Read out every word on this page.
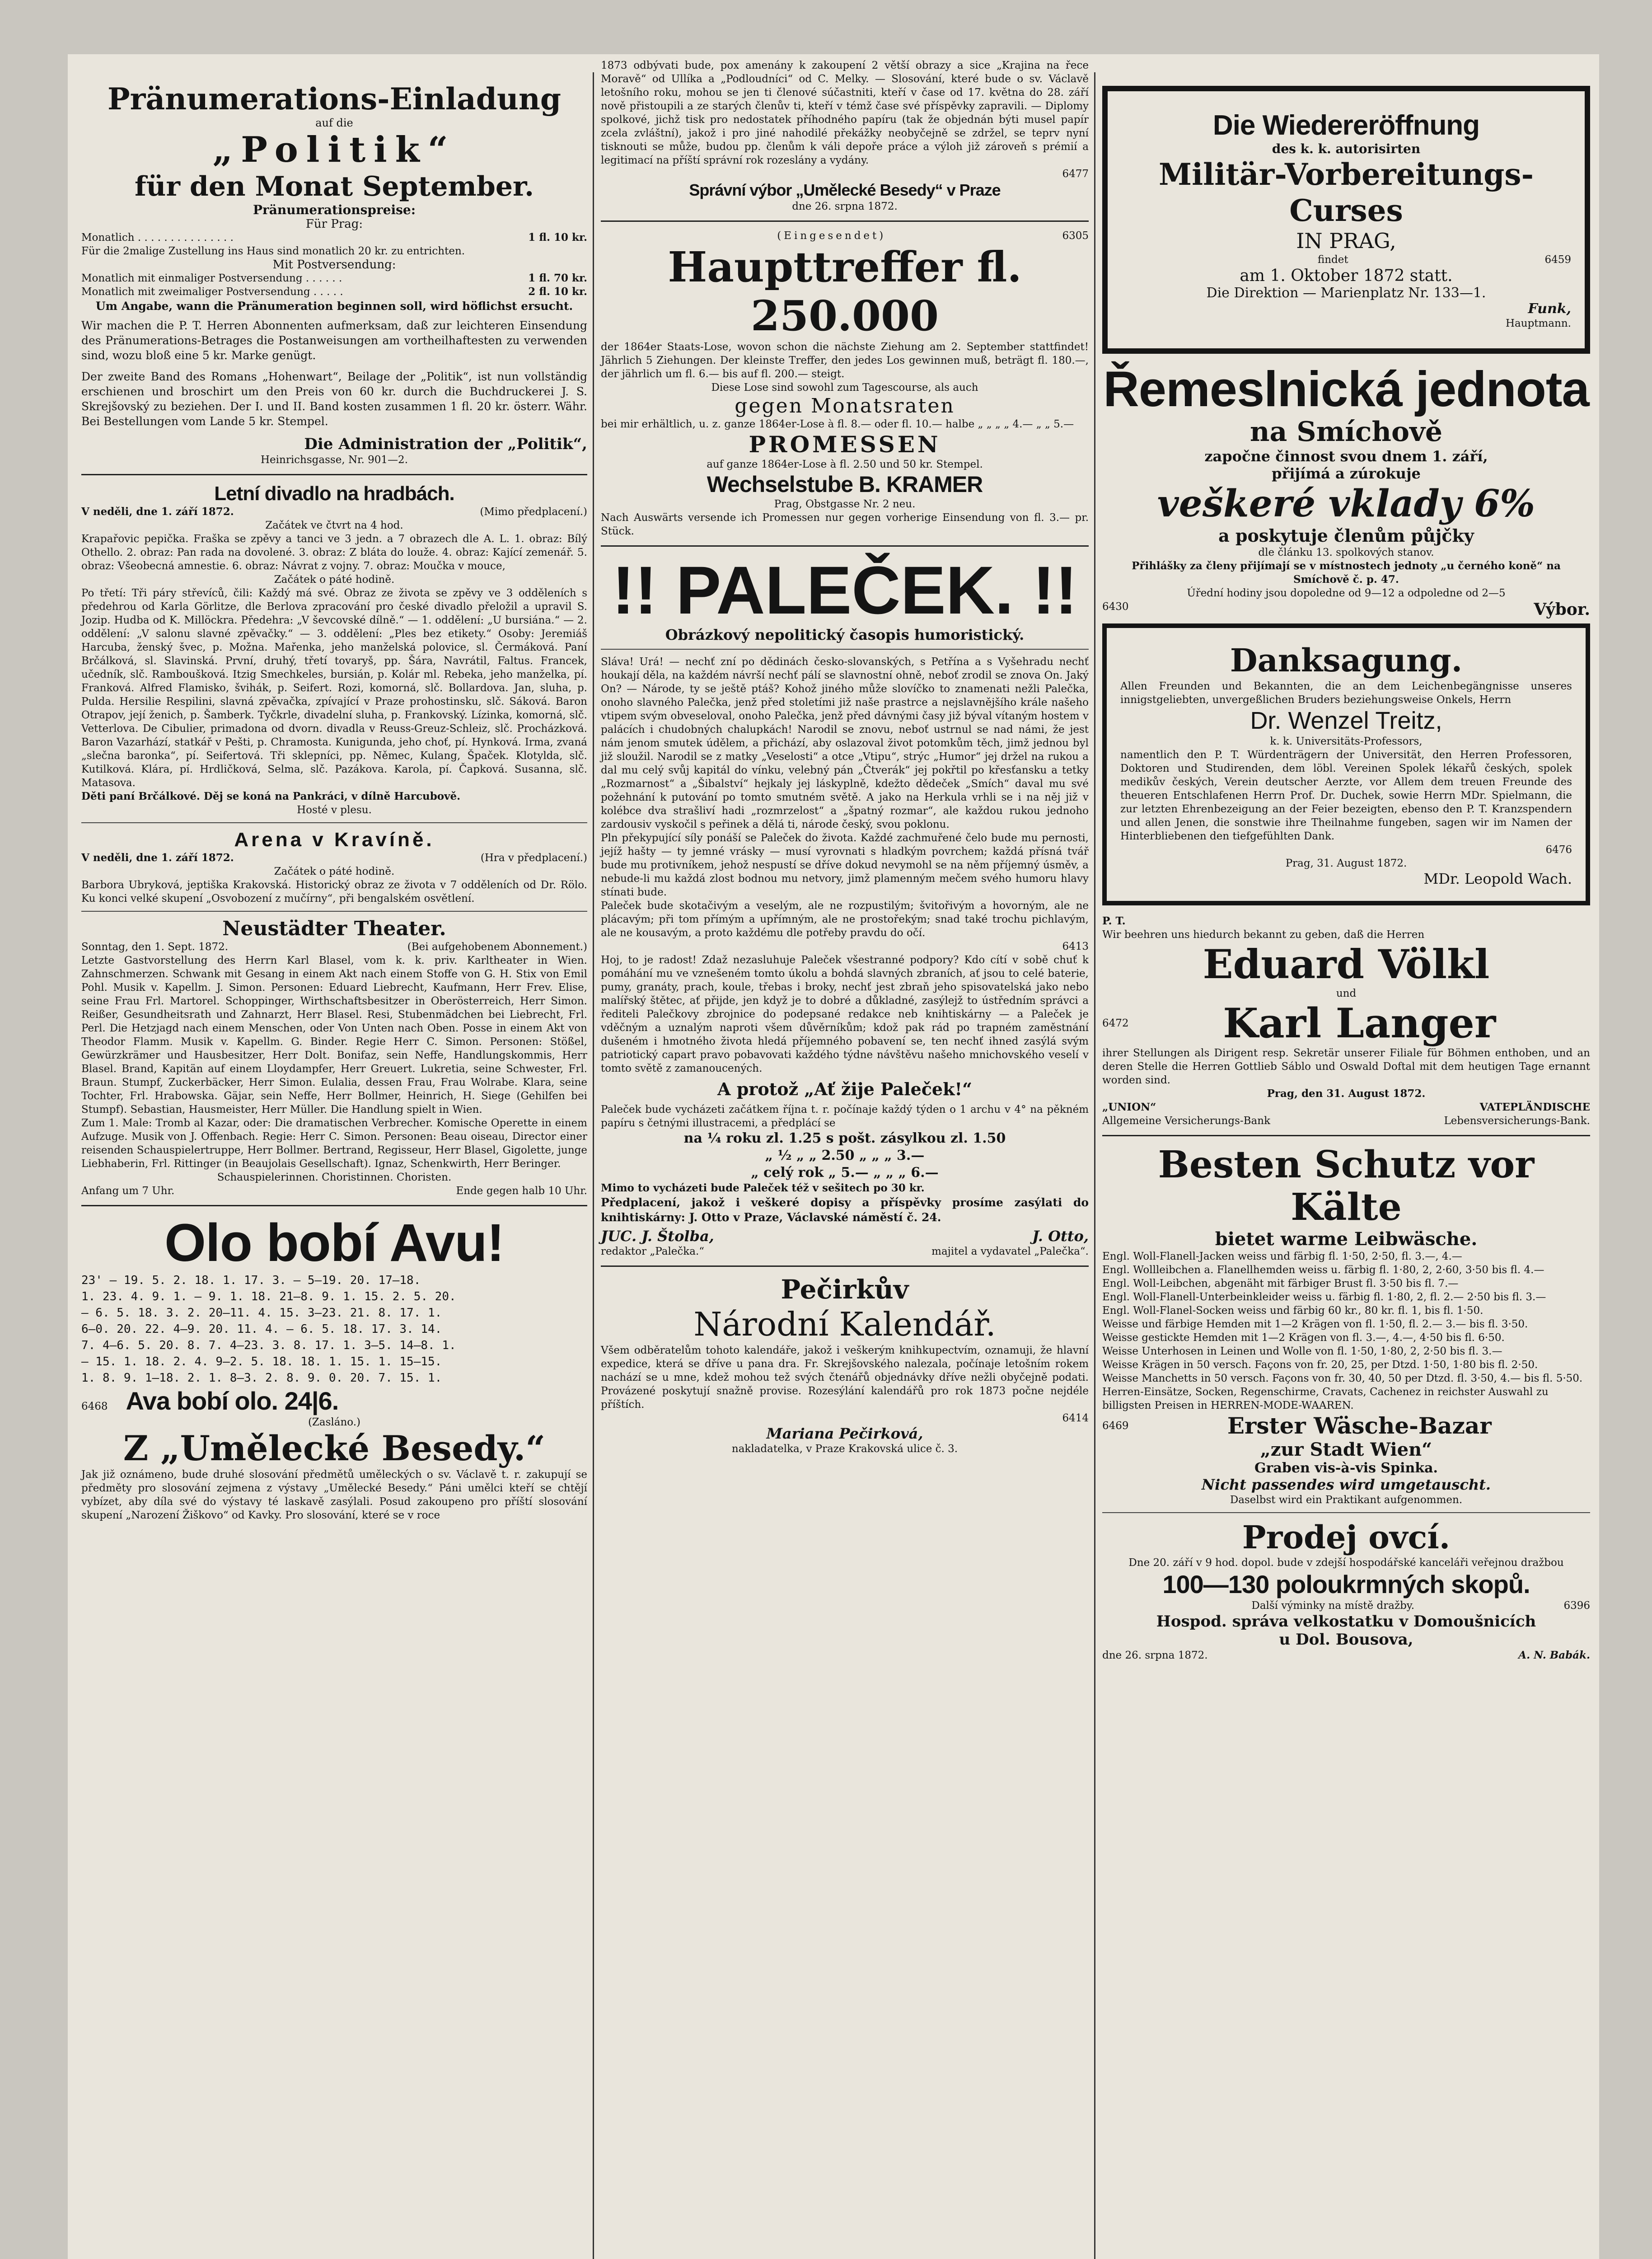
Pränumerations-Einladung
auf die
„Politik“
für den Monat September.
Pränumerationspreise:
Für Prag:
Monatlich . . . . . . . . . . . . . . .	1 fl. 10 kr.
Für die 2malige Zustellung ins Haus sind monatlich 20 kr. zu entrichten.
Mit Postversendung:
Monatlich mit einmaliger Postversendung . . . . . .	1 fl. 70 kr.
Monatlich mit zweimaliger Postversendung . . . . .	2 fl. 10 kr.
Um Angabe, wann die Pränumeration beginnen soll, wird höflichst ersucht.
Wir machen die P. T. Herren Abonnenten aufmerksam, daß zur leichteren Einsendung des Pränumerations-Betrages die Postanweisungen am vortheilhaftesten zu verwenden sind, wozu bloß eine 5 kr. Marke genügt.
Der zweite Band des Romans „Hohenwart“, Beilage der „Politik“, ist nun vollständig erschienen und broschirt um den Preis von 60 kr. durch die Buchdruckerei J. S. Skrejšovský zu beziehen. Der I. und II. Band kosten zusammen 1 fl. 20 kr. österr. Währ. Bei Bestellungen vom Lande 5 kr. Stempel.
Die Administration der „Politik“,
Heinrichsgasse, Nr. 901—2.
Letní divadlo na hradbách.
V neděli, dne 1. září 1872.	(Mimo předplacení.)
Začátek ve čtvrt na 4 hod.
Krapařovic pepička. Fraška se zpěvy a tanci ve 3 jedn. a 7 obrazech dle A. L. 1. obraz: Bílý Othello. 2. obraz: Pan rada na dovolené. 3. obraz: Z bláta do louže. 4. obraz: Kající zemenář. 5. obraz: Všeobecná amnestie. 6. obraz: Návrat z vojny. 7. obraz: Moučka v mouce,
Začátek o páté hodině.
Po třetí: Tři páry střevíců, čili: Každý má své. Obraz ze života se zpěvy ve 3 odděleních s předehrou od Karla Görlitze, dle Berlova zpracování pro české divadlo přeložil a upravil S. Jozip. Hudba od K. Millöckra. Předehra: „V ševcovské dílně.“ — 1. oddělení: „U bursiána.“ — 2. oddělení: „V salonu slavné zpěvačky.“ — 3. oddělení: „Ples bez etikety.“ Osoby: Jeremiáš Harcuba, ženský švec, p. Možna. Mařenka, jeho manželská polovice, sl. Čermáková. Paní Brčálková, sl. Slavinská. První, druhý, třetí tovaryš, pp. Šára, Navrátil, Faltus. Francek, učedník, slč. Ramboušková. Itzig Smechkeles, bursián, p. Kolár ml. Rebeka, jeho manželka, pí. Franková. Alfred Flamisko, švihák, p. Seifert. Rozi, komorná, slč. Bollardova. Jan, sluha, p. Pulda. Hersilie Respilini, slavná zpěvačka, zpívající v Praze prohostinsku, slč. Sáková. Baron Otrapov, její ženich, p. Šamberk. Tyčkrle, divadelní sluha, p. Frankovský. Lízinka, komorná, slč. Vetterlova. De Cibulier, primadona od dvorn. divadla v Reuss-Greuz-Schleiz, slč. Procházková. Baron Vazarhází, statkář v Pešti, p. Chramosta. Kunigunda, jeho choť, pí. Hynková. Irma, zvaná „slečna baronka“, pí. Seifertová. Tři sklepníci, pp. Němec, Kulang, Špaček. Klotylda, slč. Kutilková. Klára, pí. Hrdličková, Selma, slč. Pazákova. Karola, pí. Čapková. Susanna, slč. Matasova.
Děti paní Brčálkové. Děj se koná na Pankráci, v dílně Harcubově.
Hosté v plesu.
Arena v Kravíně.
V neděli, dne 1. září 1872.	(Hra v předplacení.)
Začátek o páté hodině.
Barbora Ubryková, jeptiška Krakovská. Historický obraz ze života v 7 odděleních od Dr. Rölo. Ku konci velké skupení „Osvobození z mučírny“, při bengalském osvětlení.
Neustädter Theater.
Sonntag, den 1. Sept. 1872.	(Bei aufgehobenem Abonnement.)
Letzte Gastvorstellung des Herrn Karl Blasel, vom k. k. priv. Karltheater in Wien. Zahnschmerzen. Schwank mit Gesang in einem Akt nach einem Stoffe von G. H. Stix von Emil Pohl. Musik v. Kapellm. J. Simon. Personen: Eduard Liebrecht, Kaufmann, Herr Frev. Elise, seine Frau Frl. Martorel. Schoppinger, Wirthschaftsbesitzer in Oberösterreich, Herr Simon. Reißer, Gesundheitsrath und Zahnarzt, Herr Blasel. Resi, Stubenmädchen bei Liebrecht, Frl. Perl. Die Hetzjagd nach einem Menschen, oder Von Unten nach Oben. Posse in einem Akt von Theodor Flamm. Musik v. Kapellm. G. Binder. Regie Herr C. Simon. Personen: Stößel, Gewürzkrämer und Hausbesitzer, Herr Dolt. Bonifaz, sein Neffe, Handlungskommis, Herr Blasel. Brand, Kapitän auf einem Lloydampfer, Herr Greuert. Lukretia, seine Schwester, Frl. Braun. Stumpf, Zuckerbäcker, Herr Simon. Eulalia, dessen Frau, Frau Wolrabe. Klara, seine Tochter, Frl. Hrabowska. Gäjar, sein Neffe, Herr Bollmer, Heinrich, H. Siege (Gehilfen bei Stumpf). Sebastian, Hausmeister, Herr Müller. Die Handlung spielt in Wien.
Zum 1. Male: Tromb al Kazar, oder: Die dramatischen Verbrecher. Komische Operette in einem Aufzuge. Musik von J. Offenbach. Regie: Herr C. Simon. Personen: Beau oiseau, Director einer reisenden Schauspielertruppe, Herr Bollmer. Bertrand, Regisseur, Herr Blasel, Gigolette, junge Liebhaberin, Frl. Rittinger (in Beaujolais Gesellschaft). Ignaz, Schenkwirth, Herr Beringer.
Schauspielerinnen. Choristinnen. Choristen.
Anfang um 7 Uhr.	Ende gegen halb 10 Uhr.
Olo bobí Avu!
23' — 19. 5. 2. 18. 1. 17. 3. — 5—19. 20. 17—18.
1. 23. 4. 9. 1. — 9. 1. 18. 21—8. 9. 1. 15. 2. 5. 20.
— 6. 5. 18. 3. 2. 20—11. 4. 15. 3—23. 21. 8. 17. 1.
6—0. 20. 22. 4—9. 20. 11. 4. — 6. 5. 18. 17. 3. 14.
7. 4—6. 5. 20. 8. 7. 4—23. 3. 8. 17. 1. 3—5. 14—8. 1.
— 15. 1. 18. 2. 4. 9—2. 5. 18. 18. 1. 15. 1. 15—15.
1. 8. 9. 1—18. 2. 1. 8—3. 2. 8. 9. 0. 20. 7. 15. 1.
6468 Ava bobí olo. 24|6.
(Zasláno.)
Z „Umělecké Besedy.“
Jak již oznámeno, bude druhé slosování předmětů uměleckých o sv. Václavě t. r. zakupují se předměty pro slosování zejmena z výstavy „Umělecké Besedy.“ Páni umělci kteří se chtějí vybízet, aby díla své do výstavy té laskavě zasýlali. Posud zakoupeno pro příští slosování skupení „Narození Žiškovo“ od Kavky. Pro slosování, které se v roce
1873 odbývati bude, pox amenány k zakoupení 2 větší obrazy a sice „Krajina na řece Moravě“ od Ullíka a „Podloudníci“ od C. Melky. — Slosování, které bude o sv. Václavě letošního roku, mohou se jen ti členové súčastniti, kteří v čase od 17. května do 28. září nově přistoupili a ze starých členův ti, kteří v témž čase své příspěvky zapravili. — Diplomy spolkové, jichž tisk pro nedostatek příhodného papíru (tak že objednán býti musel papír zcela zvláštní), jakož i pro jiné nahodilé překážky neobyčejně se zdržel, se teprv nyní tisknouti se může, budou pp. členům k váli depoře práce a výloh již zároveň s prémií a legitimací na příští správní rok rozeslány a vydány.
6477
Správní výbor „Umělecké Besedy“ v Praze
dne 26. srpna 1872.
(Eingesendet)	6305
Haupttreffer fl. 250.000
der 1864er Staats-Lose, wovon schon die nächste Ziehung am 2. September stattfindet! Jährlich 5 Ziehungen. Der kleinste Treffer, den jedes Los gewinnen muß, beträgt fl. 180.—, der jährlich um fl. 6.— bis auf fl. 200.— steigt.
Diese Lose sind sowohl zum Tagescourse, als auch
gegen Monatsraten
bei mir erhältlich, u. z. ganze 1864er-Lose à fl. 8.— oder fl. 10.— halbe „ „ „ „ 4.— „ „ 5.—
PROMESSEN
auf ganze 1864er-Lose à fl. 2.50 und 50 kr. Stempel.
Wechselstube B. KRAMER
Prag, Obstgasse Nr. 2 neu.
Nach Auswärts versende ich Promessen nur gegen vorherige Einsendung von fl. 3.— pr. Stück.
!! PALEČEK. !!
Obrázkový nepolitický časopis humoristický.
Sláva! Urá! — nechť zní po dědinách česko-slovanských, s Petřína a s Vyšehradu nechť houkají děla, na každém návrší nechť pálí se slavnostní ohně, neboť zrodil se znova On. Jaký On? — Národe, ty se ještě ptáš? Kohož jiného může slovíčko to znamenati nežli Palečka, onoho slavného Palečka, jenž před stoletími již naše prastrce a nejslavnějšího krále našeho vtipem svým obveseloval, onoho Palečka, jenž před dávnými časy již býval vítaným hostem v palácích i chudobných chalupkách! Narodil se znovu, neboť ustrnul se nad námi, že jest nám jenom smutek údělem, a přichází, aby oslazoval život potomkům těch, jimž jednou byl již sloužil. Narodil se z matky „Veselosti“ a otce „Vtipu“, strýc „Humor“ jej držel na rukou a dal mu celý svůj kapitál do vínku, velebný pán „Čtverák“ jej pokřtil po křesťansku a tetky „Rozmarnost“ a „Šibalství“ hejkaly jej láskyplně, kdežto dědeček „Smích“ daval mu své požehnání k putování po tomto smutném světě. A jako na Herkula vrhli se i na něj již v kolébce dva strašliví hadi „rozmrzelost“ a „špatný rozmar“, ale každou rukou jednoho zardousiv vyskočil s peřinek a dělá ti, národe český, svou poklonu.
Pln překypující síly ponáší se Paleček do života. Každé zachmuřené čelo bude mu pernosti, jejíž hašty — ty jemné vrásky — musí vyrovnati s hladkým povrchem; každá přísná tvář bude mu protivníkem, jehož nespustí se dříve dokud nevymohl se na něm příjemný úsměv, a nebude-li mu každá zlost bodnou mu netvory, jimž plamenným mečem svého humoru hlavy stínati bude.
Paleček bude skotačivým a veselým, ale ne rozpustilým; švitořivým a hovorným, ale ne plácavým; při tom přímým a upřímným, ale ne prostořekým; snad také trochu pichlavým, ale ne kousavým, a proto každému dle potřeby pravdu do očí.
6413
Hoj, to je radost! Zdaž nezasluhuje Paleček všestranné podpory? Kdo cítí v sobě chuť k pomáhání mu ve vznešeném tomto úkolu a bohdá slavných zbraních, ať jsou to celé baterie, pumy, granáty, prach, koule, třebas i broky, nechť jest zbraň jeho spisovatelská jako nebo malířský štětec, ať přijde, jen když je to dobré a důkladné, zasýlejž to ústředním správci a řediteli Palečkovy zbrojnice do podepsané redakce neb knihtiskárny — a Paleček je vděčným a uznalým naproti všem důvěrníkům; kdož pak rád po trapném zaměstnání dušeném i hmotného života hledá příjemného pobavení se, ten nechť ihned zasýlá svým patriotický capart pravo pobavovati každého týdne návštěvu našeho mnichovského veselí v tomto světě z zamanoucených.
A protož „Ať žije Paleček!“
Paleček bude vycházeti začátkem října t. r. počínaje každý týden o 1 archu v 4° na pěkném papíru s četnými illustracemi, a předplácí se
na ¼ roku zl. 1.25 s pošt. zásylkou zl. 1.50
„ ½ „ „ 2.50 „ „ „ 3.—
„ celý rok „ 5.— „ „ „ 6.—
Mimo to vycházeti bude Paleček též v sešitech po 30 kr.
Předplacení, jakož i veškeré dopisy a příspěvky prosíme zasýlati do knihtiskárny: J. Otto v Praze, Václavské náměstí č. 24.
JUC. J. Štolba,	J. Otto,
redaktor „Palečka.“	majitel a vydavatel „Palečka“.
Pečirkův
Národní Kalendář.
Všem odběratelům tohoto kalendáře, jakož i veškerým knihkupectvím, oznamuji, že hlavní expedice, která se dříve u pana dra. Fr. Skrejšovského nalezala, počínaje letošním rokem nachází se u mne, kdež mohou tež svých čtenářů objednávky dříve nežli obyčejně podati. Provázené poskytují snažně provise. Rozesýlání kalendářů pro rok 1873 počne nejdéle příštích.
6414
Mariana Pečirková,
nakladatelka, v Praze Krakovská ulice č. 3.
Die Wiedereröffnung
des k. k. autorisirten
Militär-Vorbereitungs-Curses
IN PRAG,
findet	6459
am 1. Oktober 1872 statt.
Die Direktion — Marienplatz Nr. 133—1.
Funk,
Hauptmann.
Řemeslnická jednota
na Smíchově
započne činnost svou dnem 1. září,
přijímá a zúrokuje
veškeré vklady 6%
a poskytuje členům půjčky
dle článku 13. spolkových stanov.
Přihlášky za členy přijímají se v místnostech jednoty „u černého koně“ na Smíchově č. p. 47.
Úřední hodiny jsou dopoledne od 9—12 a odpoledne od 2—5
6430	Výbor.
Danksagung.
Allen Freunden und Bekannten, die an dem Leichenbegängnisse unseres innigstgeliebten, unvergeßlichen Bruders beziehungsweise Onkels, Herrn
Dr. Wenzel Treitz,
k. k. Universitäts-Professors,
namentlich den P. T. Würdenträgern der Universität, den Herren Professoren, Doktoren und Studirenden, dem löbl. Vereinen Spolek lékařů českých, spolek medikův českých, Verein deutscher Aerzte, vor Allem dem treuen Freunde des theueren Entschlafenen Herrn Prof. Dr. Duchek, sowie Herrn MDr. Spielmann, die zur letzten Ehrenbezeigung an der Feier bezeigten, ebenso den P. T. Kranzspendern und allen Jenen, die sonstwie ihre Theilnahme fungeben, sagen wir im Namen der Hinterbliebenen den tiefgefühlten Dank.
6476
Prag, 31. August 1872.
MDr. Leopold Wach.
P. T.
Wir beehren uns hiedurch bekannt zu geben, daß die Herren
Eduard Völkl
und
6472	Karl Langer
ihrer Stellungen als Dirigent resp. Sekretär unserer Filiale für Böhmen enthoben, und an deren Stelle die Herren Gottlieb Sáblo und Oswald Doftal mit dem heutigen Tage ernannt worden sind.
Prag, den 31. August 1872.
„UNION“	VATEPLÄNDISCHE
Allgemeine Versicherungs-Bank	Lebensversicherungs-Bank.
Besten Schutz vor Kälte
bietet warme Leibwäsche.
Engl. Woll-Flanell-Jacken weiss und färbig fl. 1·50, 2·50, fl. 3.—, 4.—
Engl. Wollleibchen a. Flanellhemden weiss u. färbig fl. 1·80, 2, 2·60, 3·50 bis fl. 4.—
Engl. Woll-Leibchen, abgenäht mit färbiger Brust fl. 3·50 bis fl. 7.—
Engl. Woll-Flanell-Unterbeinkleider weiss u. färbig fl. 1·80, 2, fl. 2.— 2·50 bis fl. 3.—
Engl. Woll-Flanel-Socken weiss und färbig 60 kr., 80 kr. fl. 1, bis fl. 1·50.
Weisse und färbige Hemden mit 1—2 Krägen von fl. 1·50, fl. 2.— 3.— bis fl. 3·50.
Weisse gestickte Hemden mit 1—2 Krägen von fl. 3.—, 4.—, 4·50 bis fl. 6·50.
Weisse Unterhosen in Leinen und Wolle von fl. 1·50, 1·80, 2, 2·50 bis fl. 3.—
Weisse Krägen in 50 versch. Façons von fr. 20, 25, per Dtzd. 1·50, 1·80 bis fl. 2·50.
Weisse Manchetts in 50 versch. Façons von fr. 30, 40, 50 per Dtzd. fl. 3·50, 4.— bis fl. 5·50.
Herren-Einsätze, Socken, Regenschirme, Cravats, Cachenez in reichster Auswahl zu billigsten Preisen in HERREN-MODE-WAAREN.
6469	Erster Wäsche-Bazar
„zur Stadt Wien“
Graben vis-à-vis Spinka.
Nicht passendes wird umgetauscht.
Daselbst wird ein Praktikant aufgenommen.
Prodej ovcí.
Dne 20. září v 9 hod. dopol. bude v zdejší hospodářské kanceláři veřejnou dražbou
100—130 poloukrmných skopů.
Další výminky na místě dražby.	6396
Hospod. správa velkostatku v Domoušnicích
u Dol. Bousova,
dne 26. srpna 1872.	A. N. Babák.
